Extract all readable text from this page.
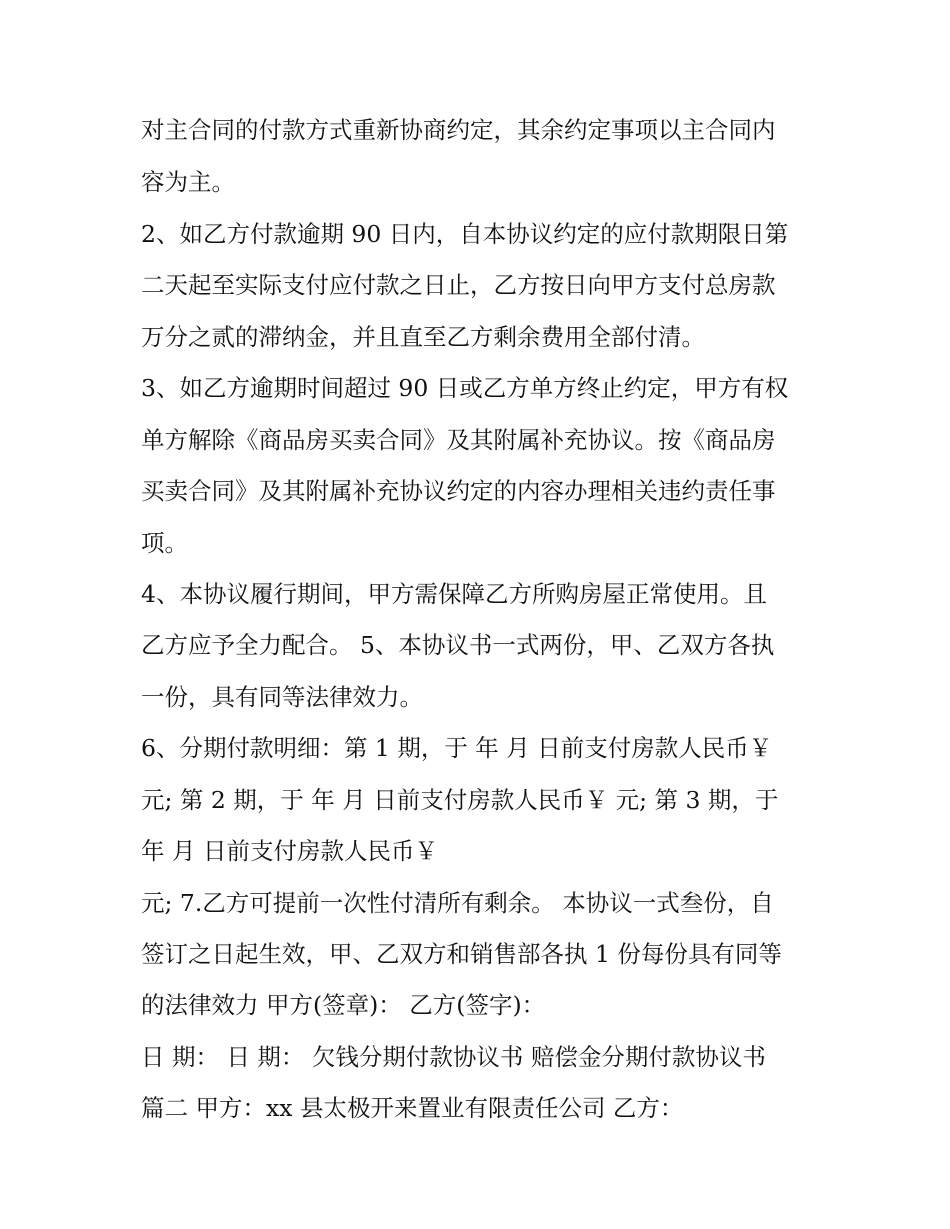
对主合同的付款方式重新协商约定，其余约定事项以主合同内
容为主。
2、如乙方付款逾期 90 日内，自本协议约定的应付款期限日第
二天起至实际支付应付款之日止，乙方按日向甲方支付总房款
万分之贰的滞纳金，并且直至乙方剩余费用全部付清。
3、如乙方逾期时间超过 90 日或乙方单方终止约定，甲方有权
单方解除《商品房买卖合同》及其附属补充协议。按《商品房
买卖合同》及其附属补充协议约定的内容办理相关违约责任事
项。
4、本协议履行期间，甲方需保障乙方所购房屋正常使用。且
乙方应予全力配合。 5、本协议书一式两份，甲、乙双方各执
一份，具有同等法律效力。
6、分期付款明细：第 1 期，于 年 月 日前支付房款人民币￥
元; 第 2 期，于 年 月 日前支付房款人民币￥ 元; 第 3 期，于
年 月 日前支付房款人民币￥
元; 7.乙方可提前一次性付清所有剩余。 本协议一式叁份，自
签订之日起生效，甲、乙双方和销售部各执 1 份每份具有同等
的法律效力 甲方(签章)： 乙方(签字)：
日 期： 日 期： 欠钱分期付款协议书 赔偿金分期付款协议书
篇二 甲方：xx 县太极开来置业有限责任公司 乙方：
